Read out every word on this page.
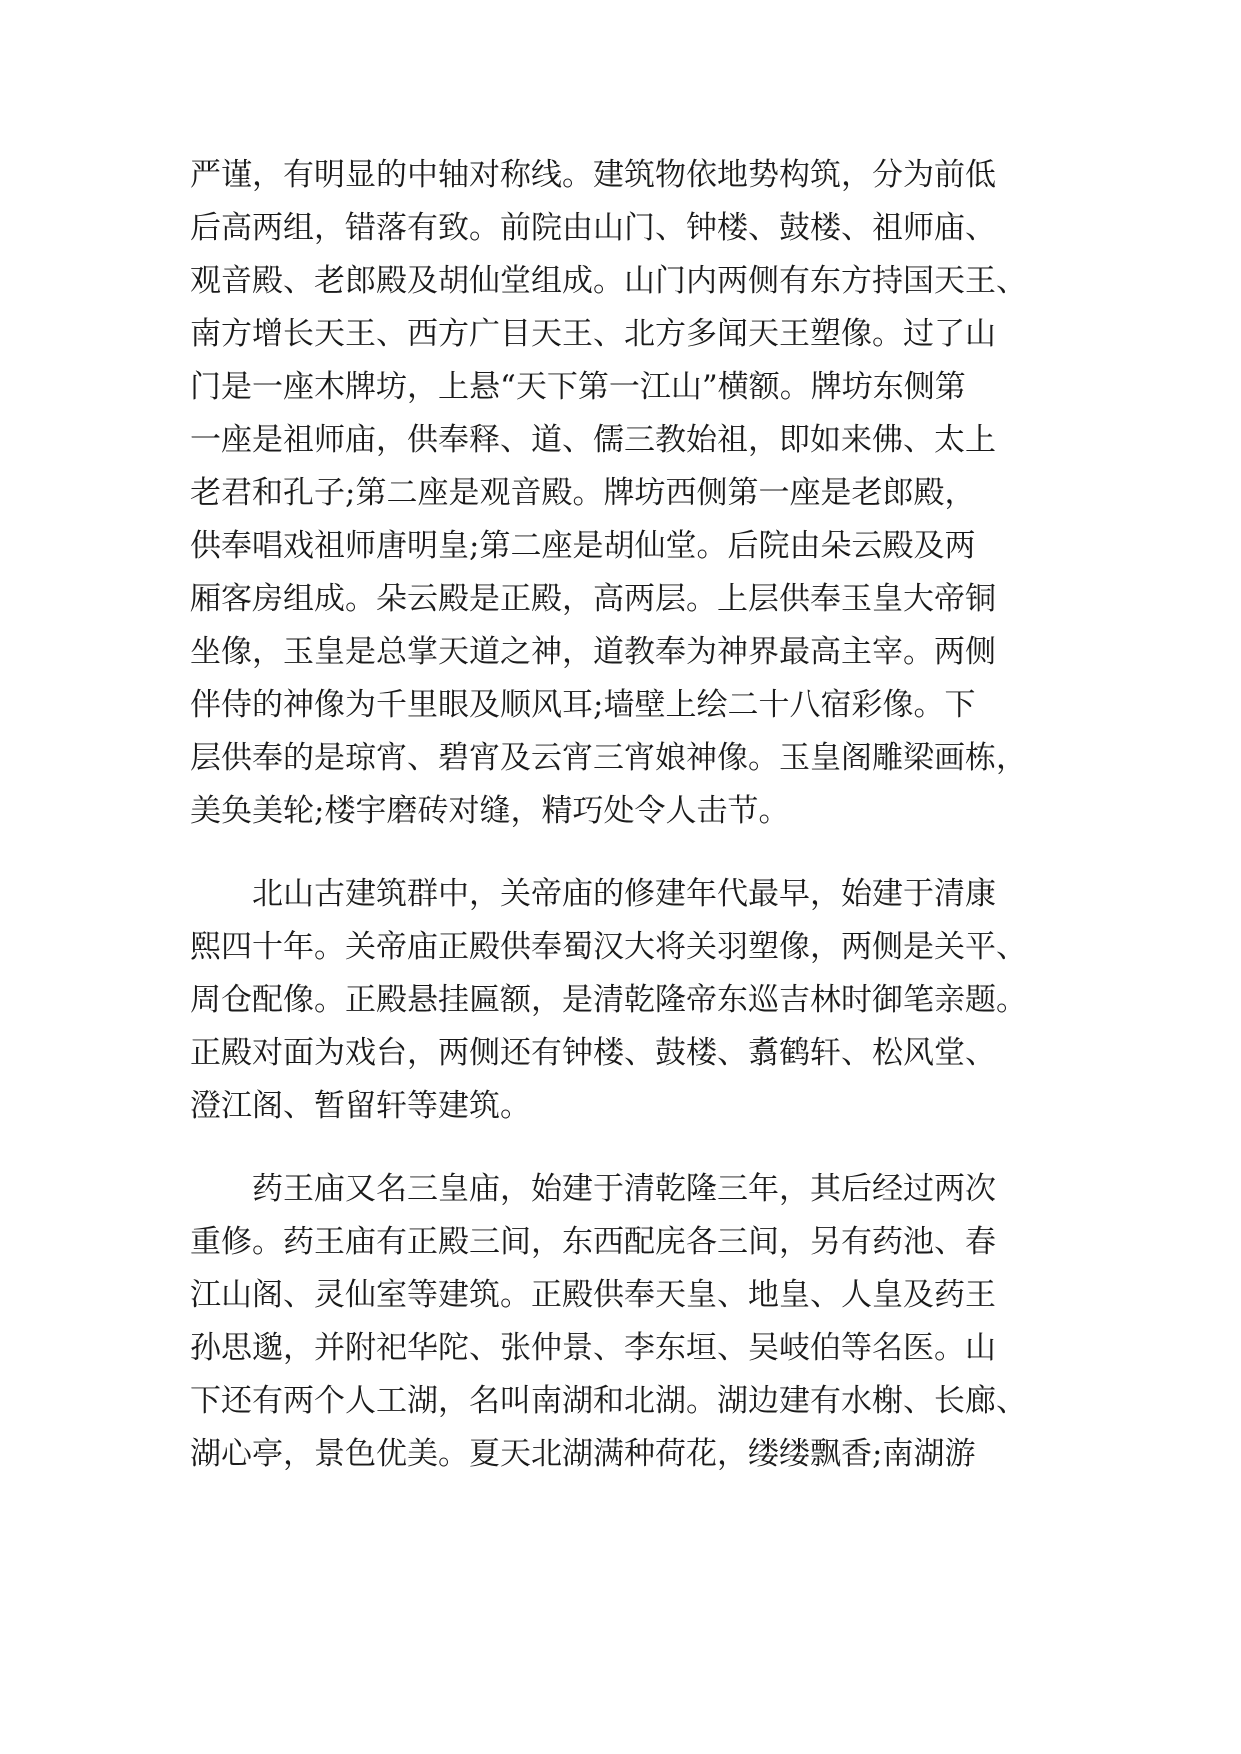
严谨，有明显的中轴对称线。建筑物依地势构筑，分为前低
后高两组，错落有致。前院由山门、钟楼、鼓楼、祖师庙、
观音殿、老郎殿及胡仙堂组成。山门内两侧有东方持国天王、
南方增长天王、西方广目天王、北方多闻天王塑像。过了山
门是一座木牌坊，上悬“天下第一江山”横额。牌坊东侧第
一座是祖师庙，供奉释、道、儒三教始祖，即如来佛、太上
老君和孔子;第二座是观音殿。牌坊西侧第一座是老郎殿，
供奉唱戏祖师唐明皇;第二座是胡仙堂。后院由朵云殿及两
厢客房组成。朵云殿是正殿，高两层。上层供奉玉皇大帝铜
坐像，玉皇是总掌天道之神，道教奉为神界最高主宰。两侧
伴侍的神像为千里眼及顺风耳;墙壁上绘二十八宿彩像。下
层供奉的是琼宵、碧宵及云宵三宵娘神像。玉皇阁雕梁画栋，
美奂美轮;楼宇磨砖对缝，精巧处令人击节。
北山古建筑群中，关帝庙的修建年代最早，始建于清康
熙四十年。关帝庙正殿供奉蜀汉大将关羽塑像，两侧是关平、
周仓配像。正殿悬挂匾额，是清乾隆帝东巡吉林时御笔亲题。
正殿对面为戏台，两侧还有钟楼、鼓楼、翥鹤轩、松风堂、
澄江阁、暂留轩等建筑。
药王庙又名三皇庙，始建于清乾隆三年，其后经过两次
重修。药王庙有正殿三间，东西配庑各三间，另有药池、春
江山阁、灵仙室等建筑。正殿供奉天皇、地皇、人皇及药王
孙思邈，并附祀华陀、张仲景、李东垣、吴岐伯等名医。山
下还有两个人工湖，名叫南湖和北湖。湖边建有水榭、长廊、
湖心亭，景色优美。夏天北湖满种荷花，缕缕飘香;南湖游
